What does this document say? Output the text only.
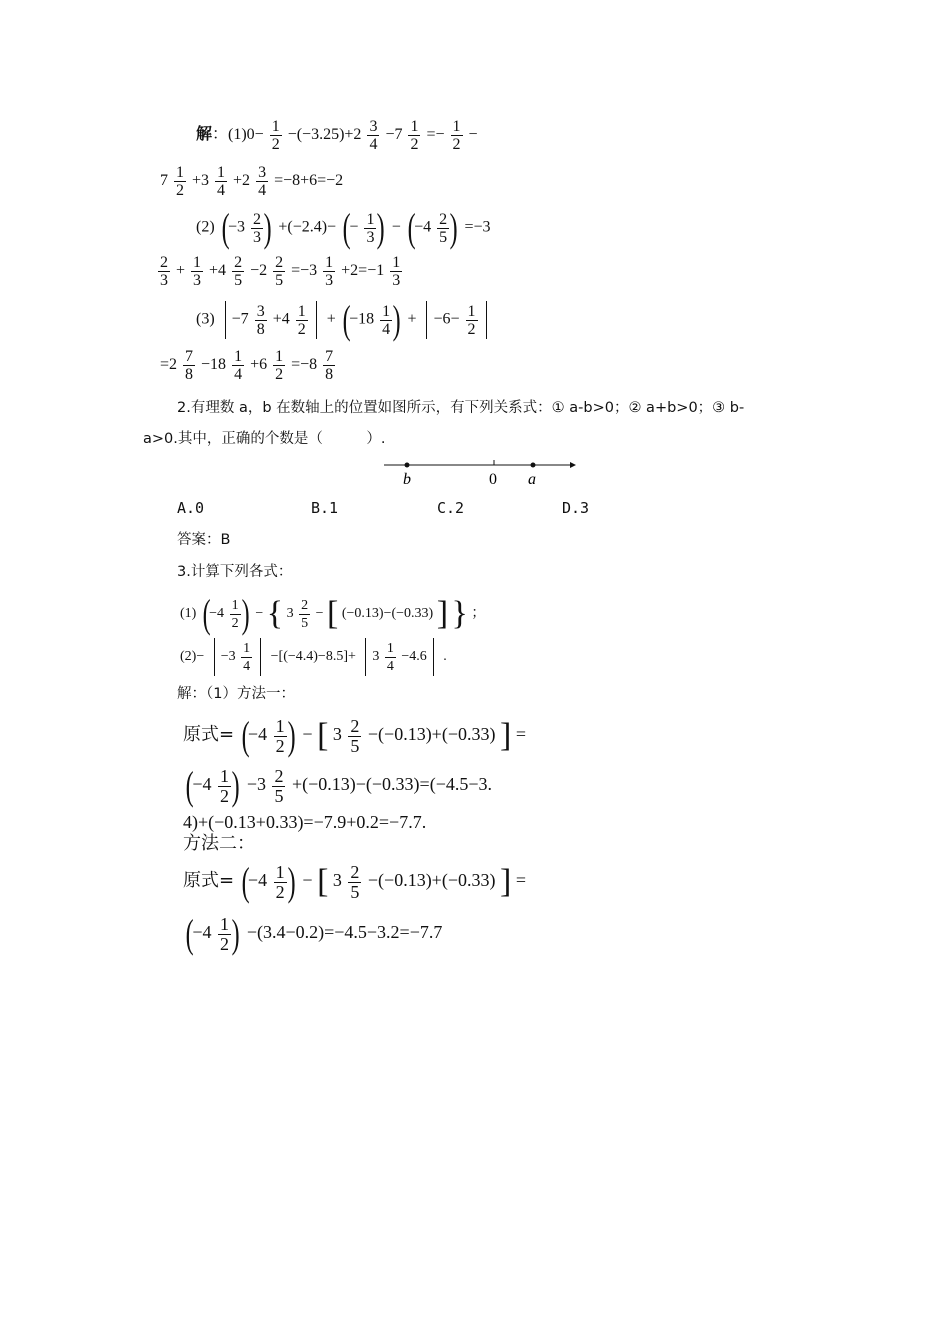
解：$(1)0- \frac{1}{2} -(-3.25)+2 \frac{3}{4} -7 \frac{1}{2} =- \frac{1}{2}$ −
$7 \frac{1}{2} +3 \frac{1}{4} +2 \frac{3}{4} =-8+6=-2$
(2) ($-3 \frac{2}{3}$ ) +(−2.4)− (− $\frac{1}{3}$ ) − ($-4 \frac{2}{5}$ ) =−3
$\frac{2}{3} + \frac{1}{3} +4 \frac{2}{5} -2 \frac{2}{5} =-3 \frac{1}{3} +2=-1 \frac{1}{3}$
$(3) -7 \frac{3}{8} +4 \frac{1}{2} + (-18 \frac{1}{4}$ ) + $-6- \frac{1}{2}$
$=2 \frac{7}{8} -18 \frac{1}{4} +6 \frac{1}{2} =-8 \frac{7}{8}$
2.有理数 a，b 在数轴上的位置如图所示，有下列关系式：① a-b>0；② a+b>0；③ b-
a>0.其中，正确的个数是（　　　）.
b	0 a
A.0	B.1	C.2	D.3
答案：B
3.计算下列各式：
(1) ($-4 \frac{1}{2}$ ) − { $3 \frac{2}{5}$ − [ (−0.13)−(−0.33) ] } ；
$(2)- -3 \frac{1}{4} -[(-4.4)-8.5]+ 3 \frac{1}{4} -4.6$ .
解：（1）方法一：
原式= ($-4 \frac{1}{2}$ ) − [ $3 \frac{2}{5} -(-0.13)+(-0.33)$ ] =
($-4 \frac{1}{2}$ ) $-3 \frac{2}{5} +(-0.13)-(-0.33)=(-4.5-3$.
4)+(−0.13+0.33)=−7.9+0.2=−7.7.
方法二：
原式= ($-4 \frac{1}{2}$ ) − [ $3 \frac{2}{5} -(-0.13)+(-0.33)$ ] =
($-4 \frac{1}{2}$ ) −(3.4−0.2)=−4.5−3.2=−7.7
